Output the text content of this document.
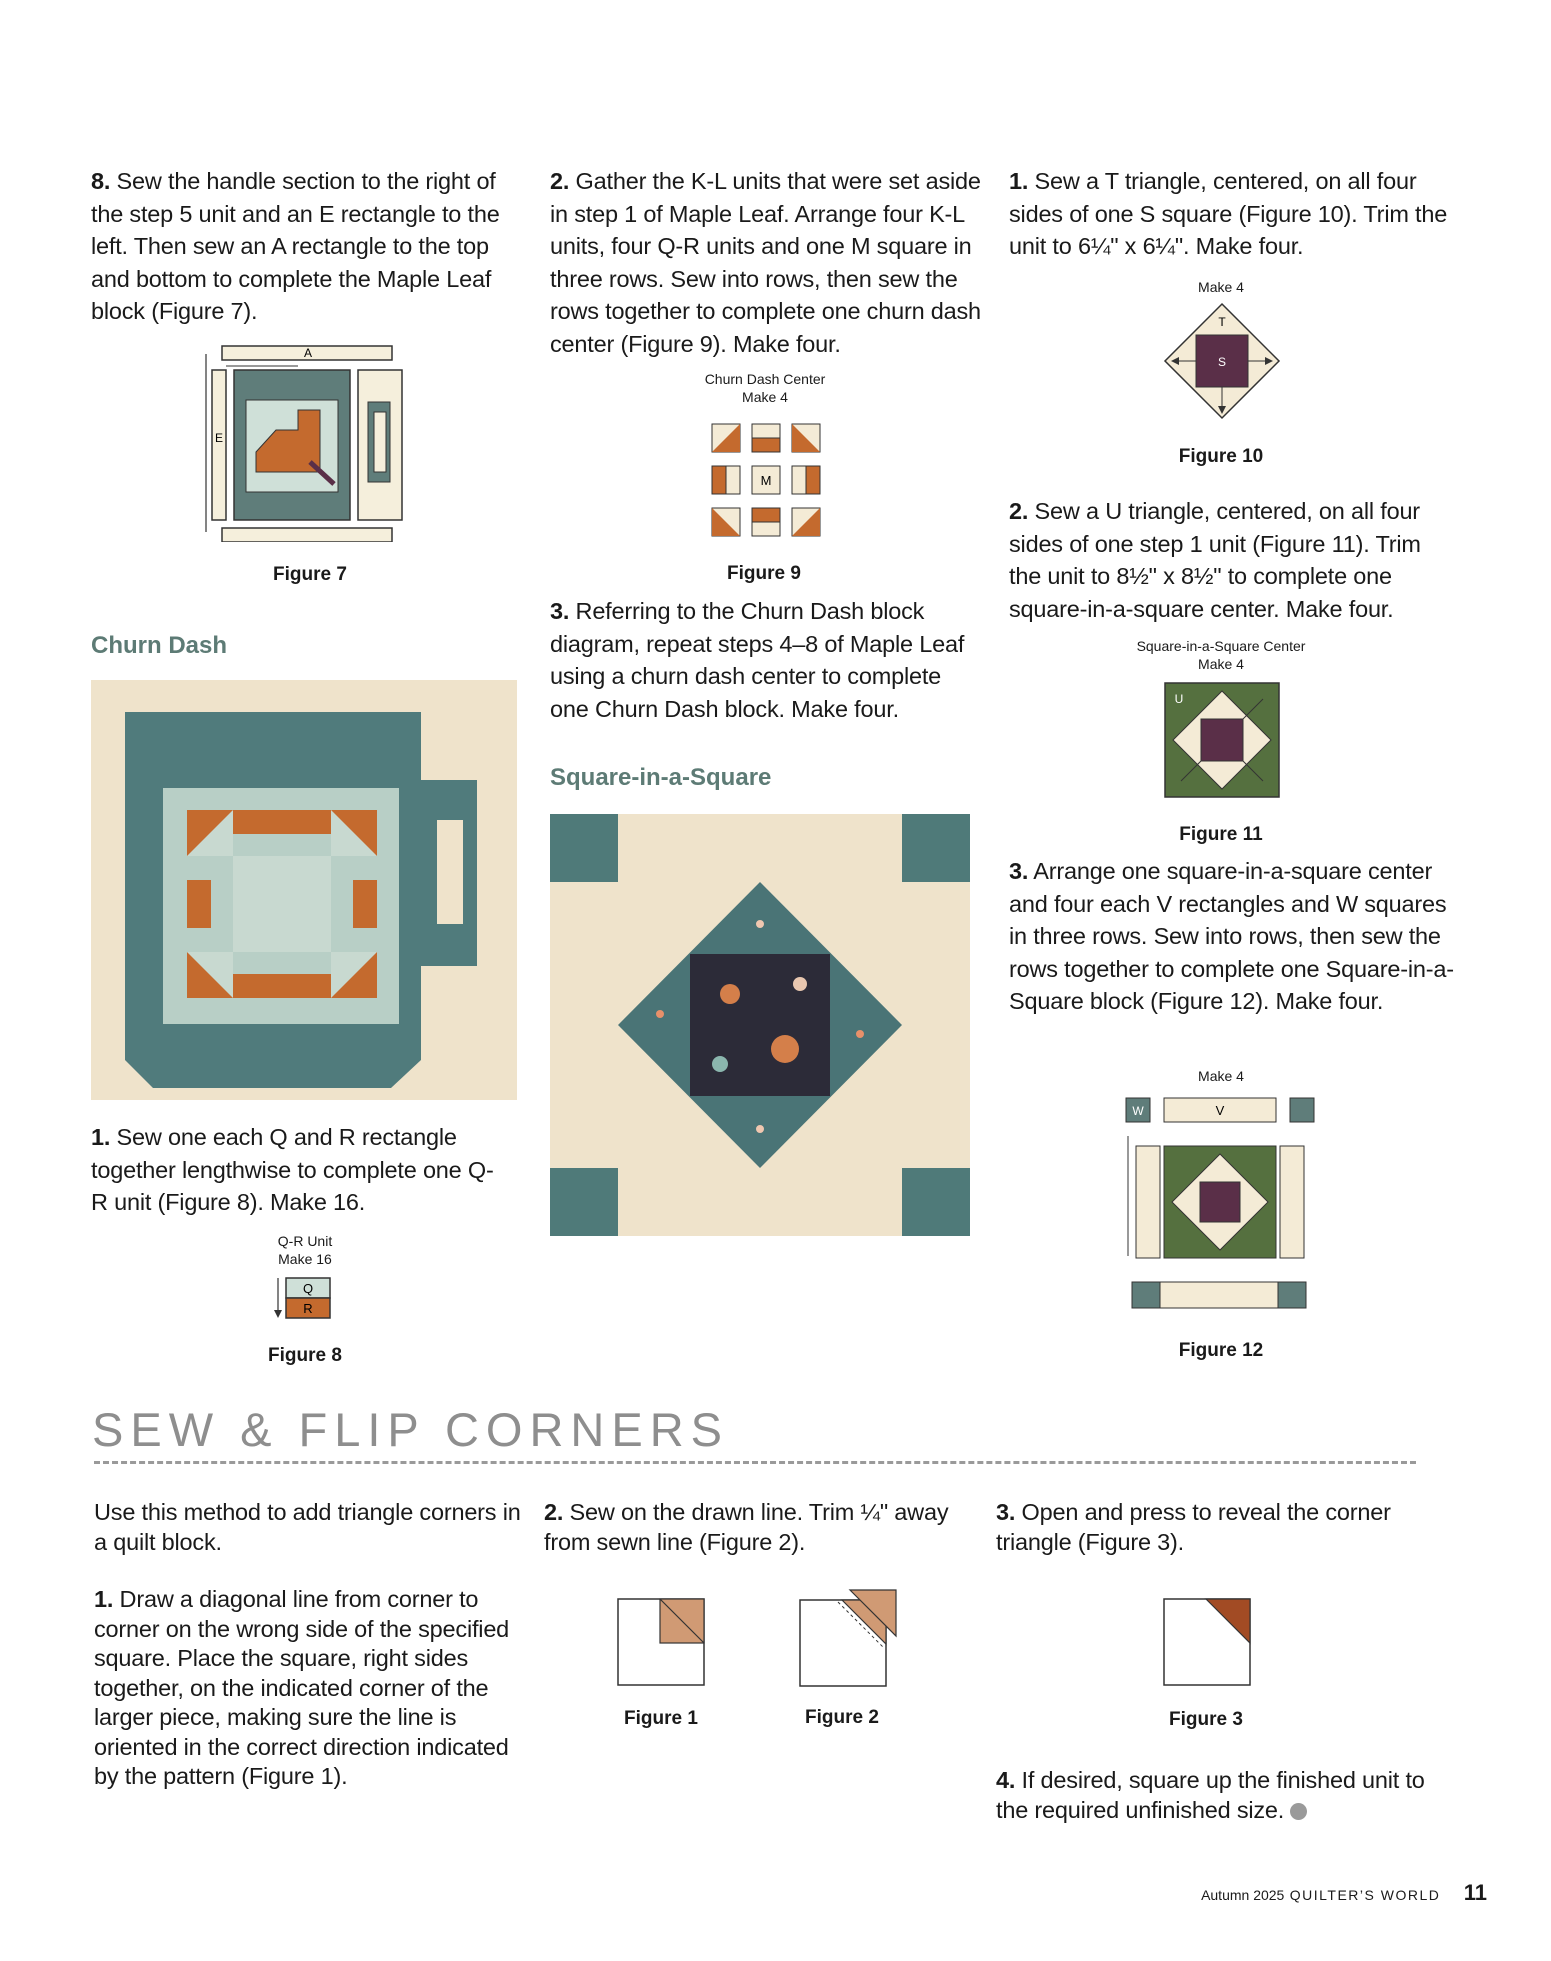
8. Sew the handle section to the right of the step 5 unit and an E rectangle to the left. Then sew an A rectangle to the top and bottom to complete the Maple Leaf block (Figure 7).
A
E
Figure 7
Churn Dash
1. Sew one each Q and R rectangle together lengthwise to complete one Q-R unit (Figure 8). Make 16.
Q-R Unit
Make 16
Q
R
Figure 8
2. Gather the K-L units that were set aside in step 1 of Maple Leaf. Arrange four K-L units, four Q-R units and one M square in three rows. Sew into rows, then sew the rows together to complete one churn dash center (Figure 9). Make four.
Churn Dash Center
Make 4
M
Figure 9
3. Referring to the Churn Dash block diagram, repeat steps 4–8 of Maple Leaf using a churn dash center to complete one Churn Dash block. Make four.
Square-in-a-Square
1. Sew a T triangle, centered, on all four sides of one S square (Figure 10). Trim the unit to 6¼" x 6¼". Make four.
Make 4
S
T
Figure 10
2. Sew a U triangle, centered, on all four sides of one step 1 unit (Figure 11). Trim the unit to 8½" x 8½" to complete one square-in-a-square center. Make four.
Square-in-a-Square Center
Make 4
U
Figure 11
3. Arrange one square-in-a-square center and four each V rectangles and W squares in three rows. Sew into rows, then sew the rows together to complete one Square-in-a-Square block (Figure 12). Make four.
Make 4
W	V
Figure 12
SEW & FLIP CORNERS
Use this method to add triangle corners in a quilt block.
1. Draw a diagonal line from corner to corner on the wrong side of the specified square. Place the square, right sides together, on the indicated corner of the larger piece, making sure the line is oriented in the correct direction indicated by the pattern (Figure 1).
2. Sew on the drawn line. Trim ¼" away from sewn line (Figure 2).
3. Open and press to reveal the corner triangle (Figure 3).
Figure 1	Figure 2	Figure 3
4. If desired, square up the finished unit to the required unfinished size.
Autumn 2025 QUILTER’S WORLD 11
